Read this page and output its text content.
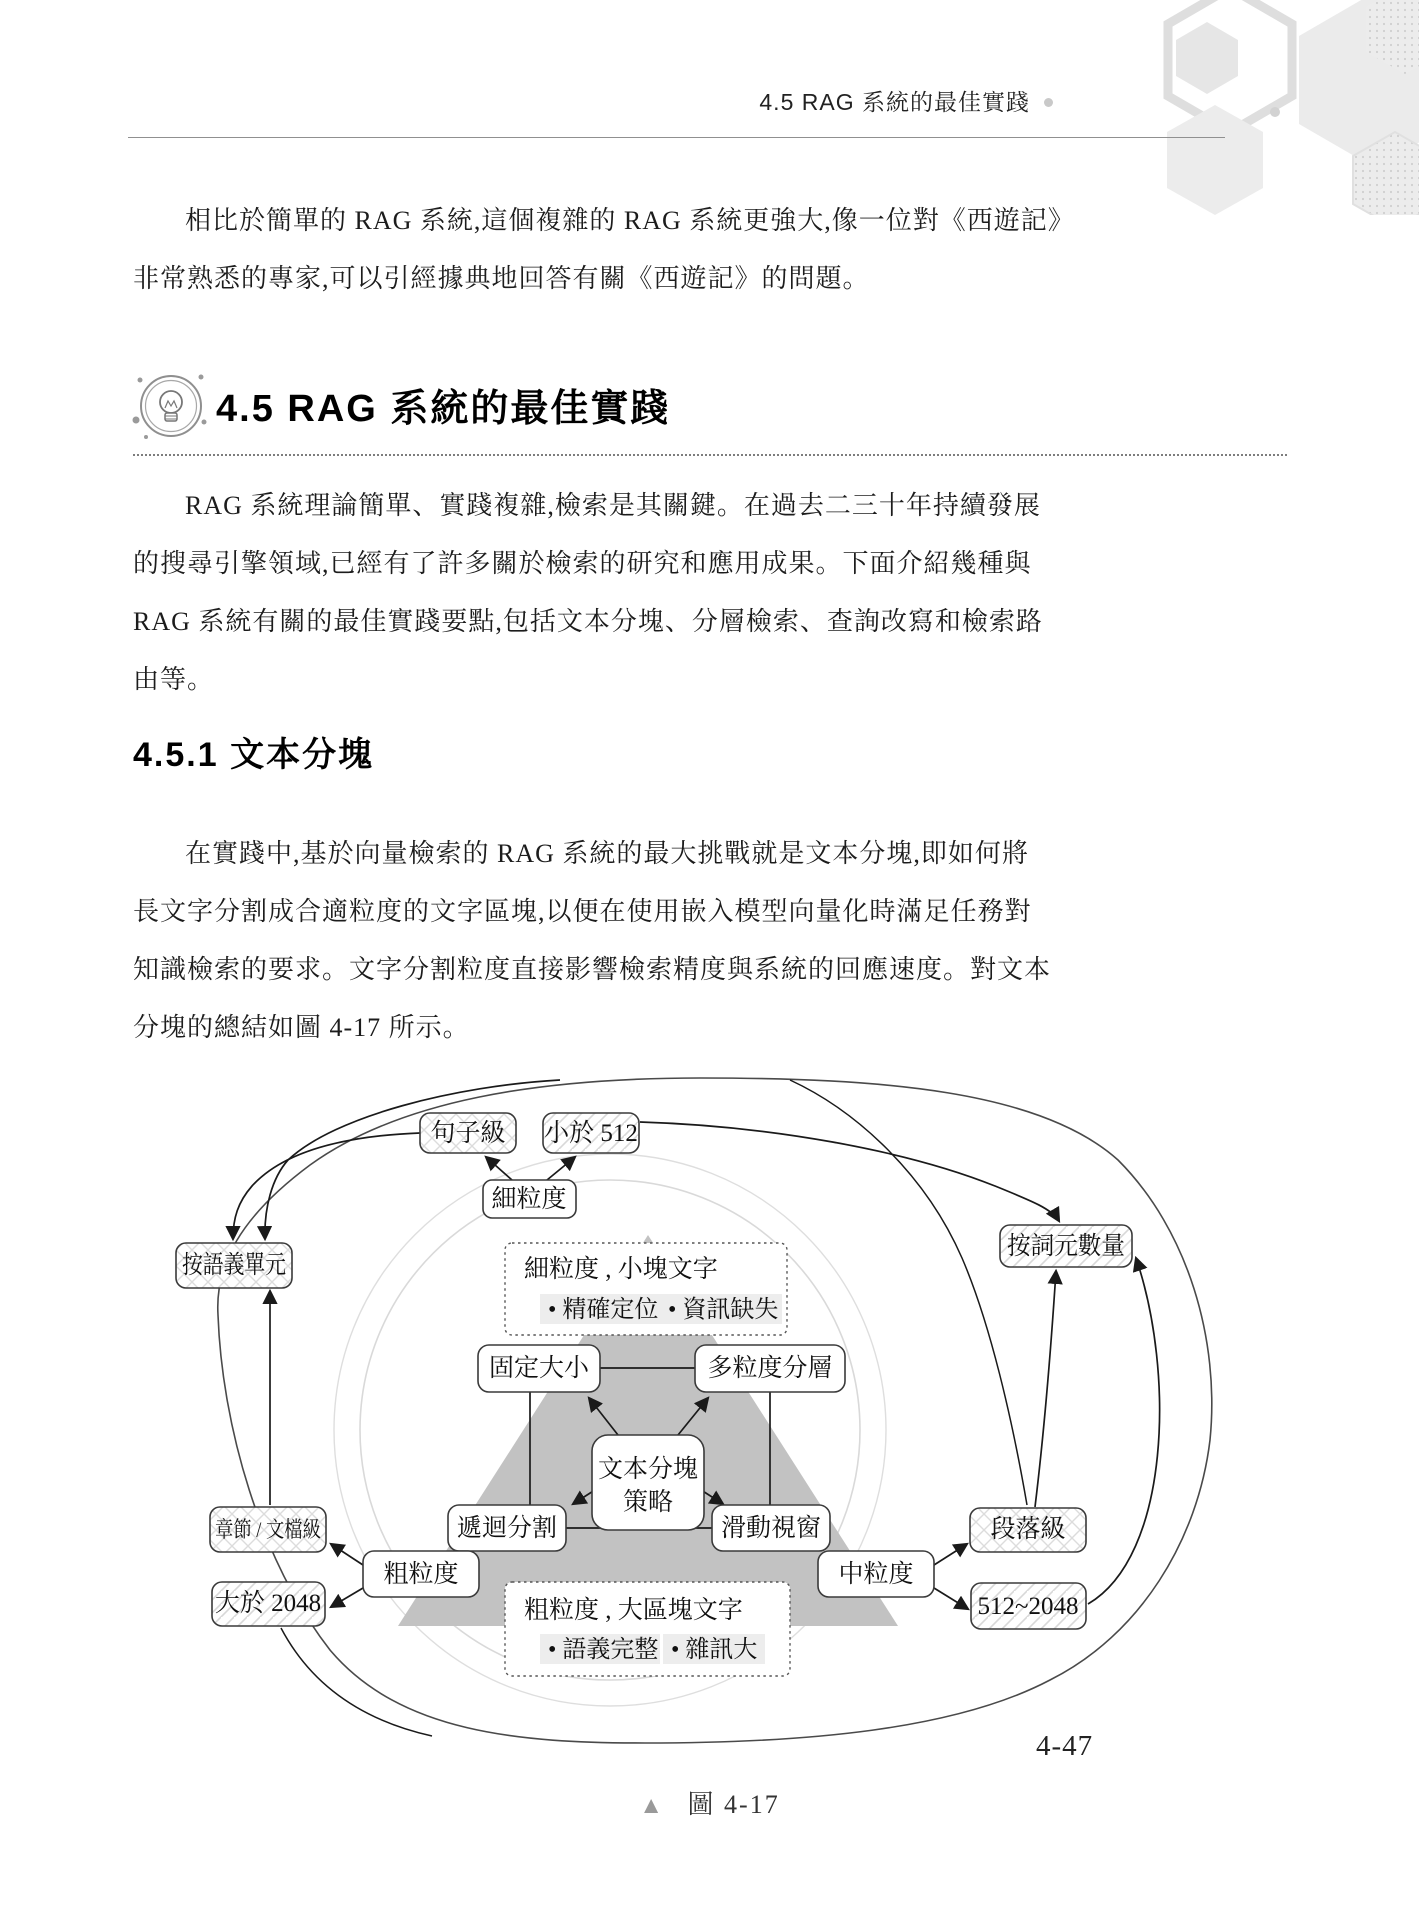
4.5 RAG 系統的最佳實踐
相比於簡單的 RAG 系統,這個複雜的 RAG 系統更強大,像一位對《西遊記》
非常熟悉的專家,可以引經據典地回答有關《西遊記》的問題。
4.5 RAG 系統的最佳實踐
RAG 系統理論簡單、實踐複雜,檢索是其關鍵。在過去二三十年持續發展
的搜尋引擎領域,已經有了許多關於檢索的研究和應用成果。下面介紹幾種與
RAG 系統有關的最佳實踐要點,包括文本分塊、分層檢索、查詢改寫和檢索路
由等。
4.5.1 文本分塊
在實踐中,基於向量檢索的 RAG 系統的最大挑戰就是文本分塊,即如何將
長文字分割成合適粒度的文字區塊,以便在使用嵌入模型向量化時滿足任務對
知識檢索的要求。文字分割粒度直接影響檢索精度與系統的回應速度。對文本
分塊的總結如圖 4-17 所示。
句子級 小於 512
按語義單元
按詞元數量
章節 / 文檔級
大於 2048
段落級
512~2048
細粒度
固定大小	多粒度分層
文本分塊
策略
遞迴分割	滑動視窗
粗粒度	中粒度
細粒度 , 小塊文字
• 精確定位 • 資訊缺失
粗粒度 , 大區塊文字
• 語義完整 • 雜訊大
▲ 圖 4-17
4-47
